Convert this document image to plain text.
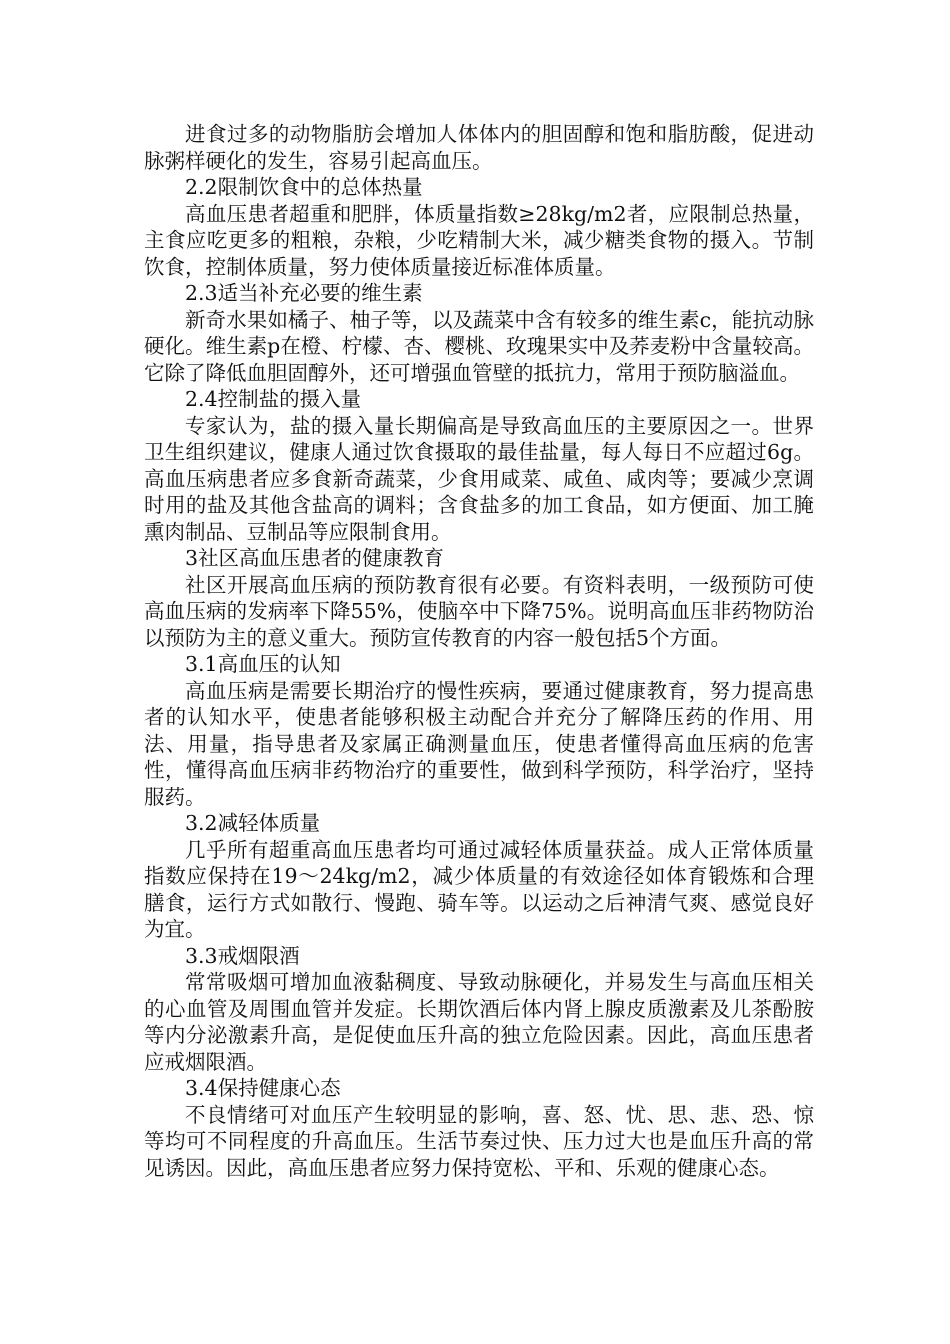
进食过多的动物脂肪会增加人体体内的胆固醇和饱和脂肪酸，促进动脉粥样硬化的发生，容易引起高血压。

2.2限制饮食中的总体热量

高血压患者超重和肥胖，体质量指数≥28kg/m2者，应限制总热量，主食应吃更多的粗粮，杂粮，少吃精制大米，减少糖类食物的摄入。节制饮食，控制体质量，努力使体质量接近标准体质量。

2.3适当补充必要的维生素

新奇水果如橘子、柚子等，以及蔬菜中含有较多的维生素c，能抗动脉硬化。维生素p在橙、柠檬、杏、樱桃、玫瑰果实中及荞麦粉中含量较高。它除了降低血胆固醇外，还可增强血管壁的抵抗力，常用于预防脑溢血。

2.4控制盐的摄入量

专家认为，盐的摄入量长期偏高是导致高血压的主要原因之一。世界卫生组织建议，健康人通过饮食摄取的最佳盐量，每人每日不应超过6g。高血压病患者应多食新奇蔬菜，少食用咸菜、咸鱼、咸肉等；要减少烹调时用的盐及其他含盐高的调料；含食盐多的加工食品，如方便面、加工腌熏肉制品、豆制品等应限制食用。

3社区高血压患者的健康教育

社区开展高血压病的预防教育很有必要。有资料表明，一级预防可使高血压病的发病率下降55%，使脑卒中下降75%。说明高血压非药物防治以预防为主的意义重大。预防宣传教育的内容一般包括5个方面。

3.1高血压的认知

高血压病是需要长期治疗的慢性疾病，要通过健康教育，努力提高患者的认知水平，使患者能够积极主动配合并充分了解降压药的作用、用法、用量，指导患者及家属正确测量血压，使患者懂得高血压病的危害性，懂得高血压病非药物治疗的重要性，做到科学预防，科学治疗，坚持服药。

3.2减轻体质量

几乎所有超重高血压患者均可通过减轻体质量获益。成人正常体质量指数应保持在19～24kg/m2，减少体质量的有效途径如体育锻炼和合理膳食，运行方式如散行、慢跑、骑车等。以运动之后神清气爽、感觉良好为宜。

3.3戒烟限酒

常常吸烟可增加血液黏稠度、导致动脉硬化，并易发生与高血压相关的心血管及周围血管并发症。长期饮酒后体内肾上腺皮质激素及儿茶酚胺等内分泌激素升高，是促使血压升高的独立危险因素。因此，高血压患者应戒烟限酒。

3.4保持健康心态

不良情绪可对血压产生较明显的影响，喜、怒、忧、思、悲、恐、惊等均可不同程度的升高血压。生活节奏过快、压力过大也是血压升高的常见诱因。因此，高血压患者应努力保持宽松、平和、乐观的健康心态。
